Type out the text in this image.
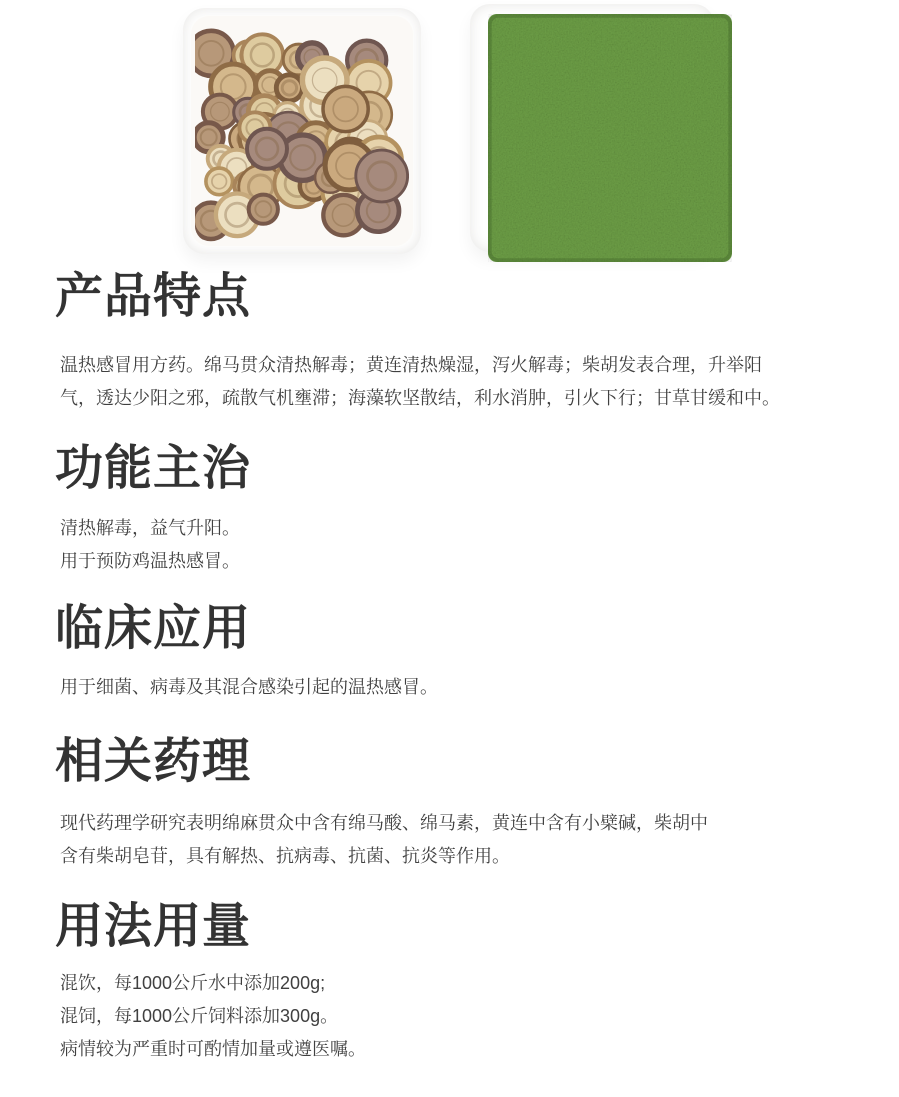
产品特点
温热感冒用方药。绵马贯众清热解毒；黄连清热燥湿，泻火解毒；柴胡发表合理，升举阳
气，透达少阳之邪，疏散气机壅滞；海藻软坚散结，利水消肿，引火下行；甘草甘缓和中。
功能主治
清热解毒，益气升阳。
用于预防鸡温热感冒。
临床应用
用于细菌、病毒及其混合感染引起的温热感冒。
相关药理
现代药理学研究表明绵麻贯众中含有绵马酸、绵马素，黄连中含有小檗碱，柴胡中
含有柴胡皂苷，具有解热、抗病毒、抗菌、抗炎等作用。
用法用量
混饮，每1000公斤水中添加200g;
混饲，每1000公斤饲料添加300g。
病情较为严重时可酌情加量或遵医嘱。
